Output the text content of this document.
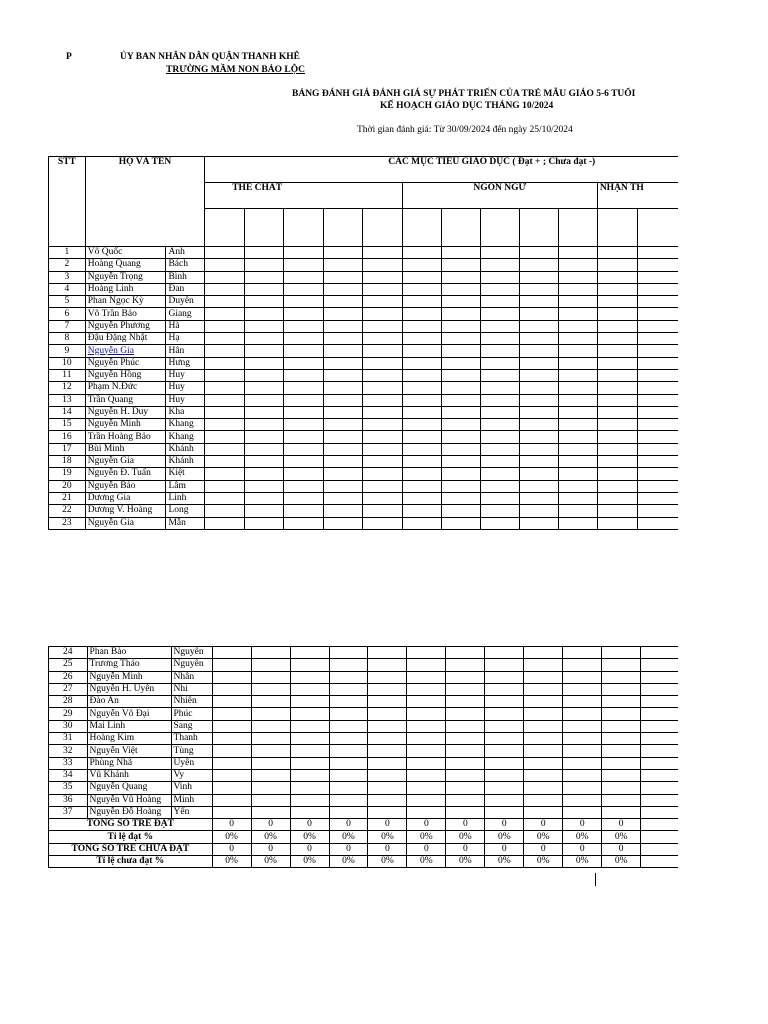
P	ỦY BAN NHÂN DÂN QUẬN THANH KHÊ
TRƯỜNG MẦM NON BẢO LỘC
BẢNG ĐÁNH GIÁ ĐÁNH GIÁ SỰ PHÁT TRIỂN CỦA TRẺ MẪU GIÁO 5-6 TUỔI
KẾ HOẠCH GIÁO DỤC THÁNG 10/2024
Thời gian đánh giá: Từ 30/09/2024 đến ngày 25/10/2024
STT	HỌ VÀ TÊN		CÁC MỤC TIÊU GIÁO DỤC ( Đạt + ; Chưa đạt -)											
			THỂ CHẤT					NGÔN NGỮ					NHẬN TH	

1	Võ Quốc	Anh												
2	Hoàng Quang	Bách												
3	Nguyễn Trọng	Bình												
4	Hoàng Linh	Đan												
5	Phan Ngọc Kỳ	Duyên												
6	Võ Trần Bảo	Giang												
7	Nguyễn Phương	Hà												
8	Đậu Đặng Nhật	Hạ												
9	Nguyễn Gia	Hân												
10	Nguyễn Phúc	Hưng												
11	Nguyễn Hồng	Huy												
12	Phạm N.Đức	Huy												
13	Trần Quang	Huy												
14	Nguyễn H. Duy	Kha												
15	Nguyễn Minh	Khang												
16	Trần Hoàng Bảo	Khang												
17	Bùi Minh	Khánh												
18	Nguyễn Gia	Khánh												
19	Nguyễn Đ. Tuấn	Kiệt												
20	Nguyễn Bảo	Lâm												
21	Dương Gia	Linh												
22	Dương V. Hoàng	Long												
23	Nguyễn Gia	Mẫn												
24	Phan Bảo	Nguyên												
25	Trương Thảo	Nguyên												
26	Nguyễn Minh	Nhân												
27	Nguyễn H. Uyên	Nhi												
28	Đào An	Nhiên												
29	Nguyễn Võ Đại	Phúc												
30	Mai Linh	Sang												
31	Hoàng Kim	Thanh												
32	Nguyễn Việt	Tùng												
33	Phùng Nhã	Uyên												
34	Vũ Khánh	Vy												
35	Nguyễn Quang	Vinh												
36	Nguyễn Vũ Hoàng	Minh												
37	Nguyễn Đỗ Hoàng	Yến												
TỔNG SỐ TRẺ ĐẠT			0	0	0	0	0	0	0	0	0	0	0	
Tỉ lệ đạt %			0%	0%	0%	0%	0%	0%	0%	0%	0%	0%	0%	
TỔNG SỐ TRẺ CHƯA ĐẠT			0	0	0	0	0	0	0	0	0	0	0	
Tỉ lệ chưa đạt %			0%	0%	0%	0%	0%	0%	0%	0%	0%	0%	0%	
